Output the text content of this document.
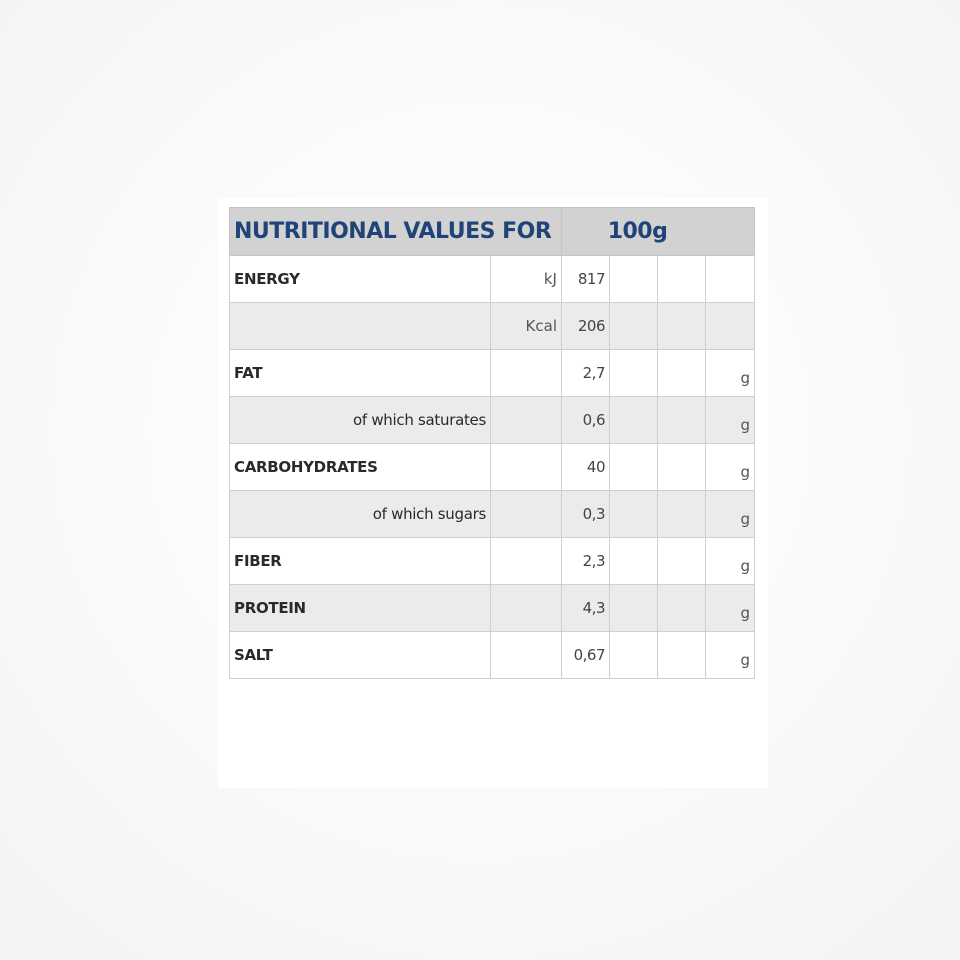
NUTRITIONAL VALUES FOR		100g			
ENERGY	kJ	817			
	Kcal	206			
FAT		2,7			g
of which saturates		0,6			g
CARBOHYDRATES		40			g
of which sugars		0,3			g
FIBER		2,3			g
PROTEIN		4,3			g
SALT		0,67			g
